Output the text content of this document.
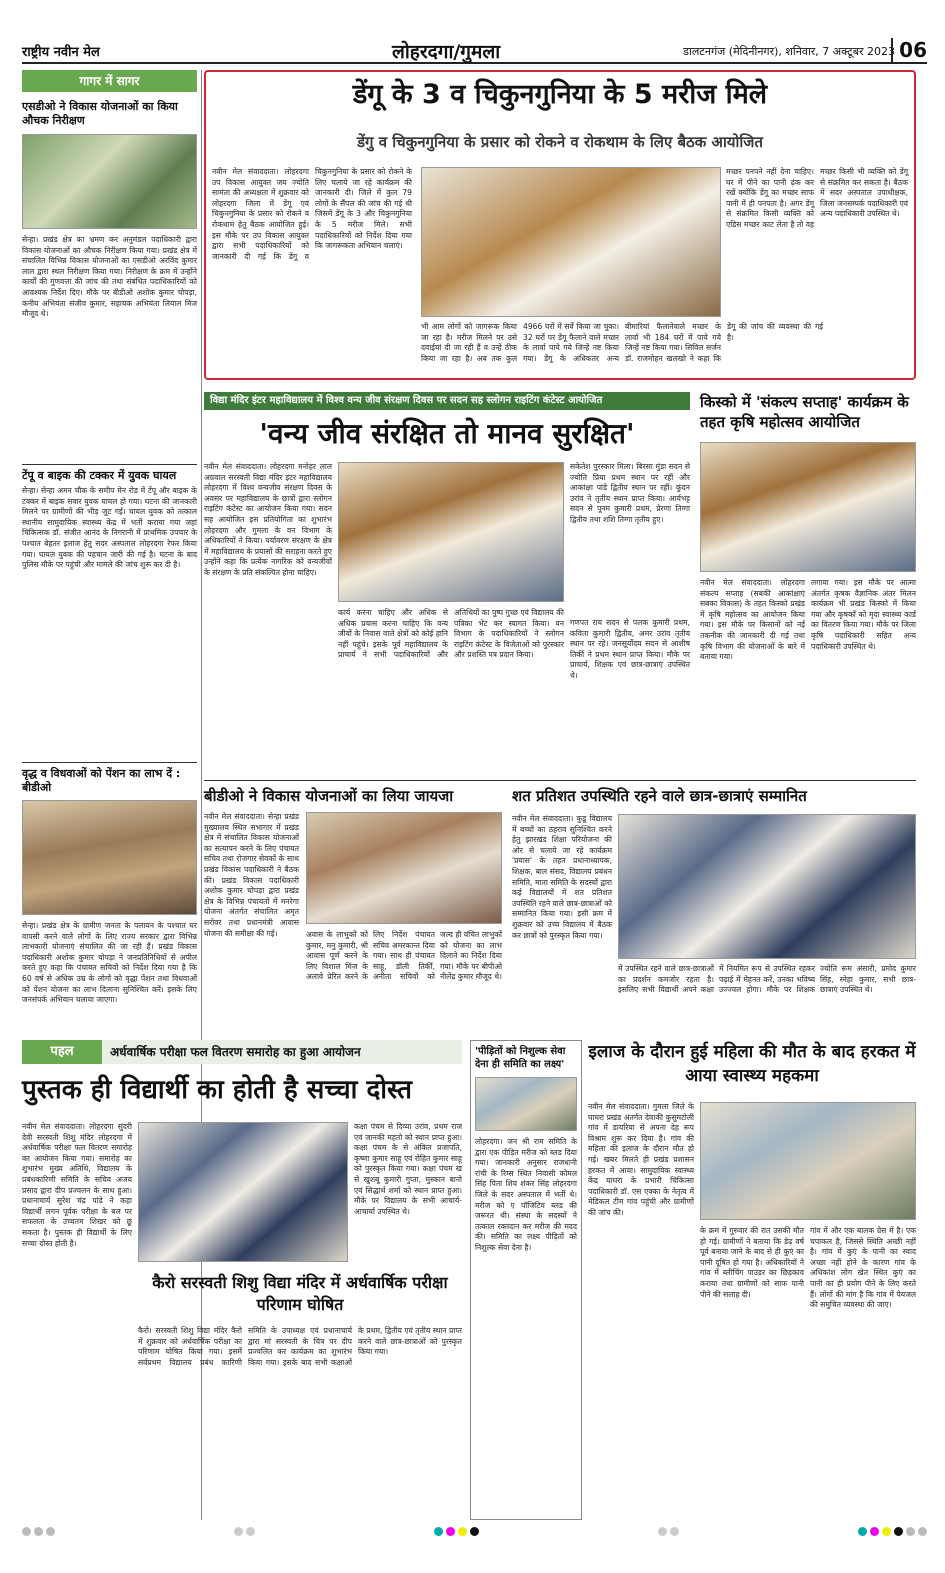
राष्ट्रीय नवीन मेल	लोहरदगा/गुमला	डालटनगंज (मेदिनीनगर), शनिवार, 7 अक्टूबर 2023 06
गागर में सागर
एसडीओ ने विकास योजनाओं का किया औचक निरीक्षण
सेन्हा। प्रखंड क्षेत्र का भ्रमण कर अनुमंडल पदाधिकारी द्वारा विकास योजनाओं का औचक निरीक्षण किया गया। प्रखंड क्षेत्र में संचालित विभिन्न विकास योजनाओं का एसडीओ अरविंद कुमार लाल द्वारा स्थल निरीक्षण किया गया। निरीक्षण के क्रम में उन्होंने कार्यों की गुणवत्ता की जांच की तथा संबंधित पदाधिकारियों को आवश्यक निर्देश दिए। मौके पर बीडीओ अशोक कुमार चोपड़ा, कनीय अभियंता संजीव कुमार, सहायक अभियंता लियाल मिंज मौजूद थे।
टेंपू व बाइक की टक्कर में युवक घायल
सेन्हा। सेन्हा अमन चौक के समीप मेन रोड में टेंपू और बाइक के टक्कर में बाइक सवार युवक घायल हो गया। घटना की जानकारी मिलने पर ग्रामीणों की भीड़ जुट गई। घायल युवक को तत्काल स्थानीय सामुदायिक स्वास्थ्य केंद्र में भर्ती कराया गया जहां चिकित्सक डॉ. संजीत आनंद के निगरानी में प्राथमिक उपचार के पश्चात बेहतर इलाज हेतु सदर अस्पताल लोहरदगा रेफर किया गया। घायल युवक की पहचान जारी की गई है। घटना के बाद पुलिस मौके पर पहुंची और मामले की जांच शुरू कर दी है।
वृद्ध व विधवाओं को पेंशन का लाभ दें : बीडीओ
सेन्हा। प्रखंड क्षेत्र के ग्रामीण जनता के पलायन के पश्चात घर वापसी करने वाले लोगों के लिए राज्य सरकार द्वारा विभिन्न लाभकारी योजनाएं संचालित की जा रही हैं। प्रखंड विकास पदाधिकारी अशोक कुमार चोपड़ा ने जनप्रतिनिधियों से अपील करते हुए कहा कि पंचायत सचिवों को निर्देश दिया गया है कि 60 वर्ष से अधिक उम्र के लोगों को वृद्धा पेंशन तथा विधवाओं को पेंशन योजना का लाभ दिलाना सुनिश्चित करें। इसके लिए जनसंपर्क अभियान चलाया जाएगा।
डेंगू के 3 व चिकुनगुनिया के 5 मरीज मिले
डेंगु व चिकुनगुनिया के प्रसार को रोकने व रोकथाम के लिए बैठक आयोजित
नवीन मेल संवाददाता। लोहरदगा उप विकास आयुक्त जय ज्योति सामंता की अध्यक्षता में शुक्रवार को लोहरदगा जिला में डेंगू एवं चिकुनगुनिया के प्रसार को रोकने व रोकथाम हेतु बैठक आयोजित हुई। इस मौके पर उप विकास आयुक्त द्वारा सभी पदाधिकारियों को जानकारी दी गई कि डेंगू व चिकुनगुनिया के प्रसार को रोकने के लिए चलाये जा रहे कार्यक्रम की जानकारी दी। जिले में कुल 79 लोगों के सैंपल की जांच की गई थी जिसमें डेंगू के 3 और चिकुनगुनिया के 5 मरीज मिले। सभी पदाधिकारियों को निर्देश दिया गया कि जागरूकता अभियान चलाएं।
भी आम लोगों को जागरूक किया जा रहा है। मरीज मिलने पर उसे दवाईयां दी जा रही हैं व उन्हें ठीक किया जा रहा है। अब तक कुल 4966 घरों में सर्वे किया जा चुका। 32 घरों पर डेंगू फैलाने वाले मच्छर के लार्वा पाये गये जिन्हें नष्ट किया गया। डेंगू के अधिकतर अन्य बीमारियां फैलानेवाले मच्छर के लार्वा भी 184 घरों में पाये गये जिन्हें नष्ट किया गया। सिविल सर्जन डॉ. राजमोहन खलखो ने कहा कि डेंगू की जांच की व्यवस्था की गई है।
मच्छर पनपने नहीं देना चाहिए। घर में पीने का पानी ढ़ंक कर रखें क्योंकि डेंगू का मच्छर साफ पानी में ही पनपता है। अगर डेंगू से संक्रमित किसी व्यक्ति को एडिस मच्छर काट लेता है तो वह मच्छर किसी भी व्यक्ति को डेंगू से संक्रमित कर सकता है। बैठक में सदर अस्पताल उपाधीक्षक, जिला जनसम्पर्क पदाधिकारी एवं अन्य पदाधिकारी उपस्थित थे।
विद्या मंदिर इंटर महाविद्यालय में विश्व वन्य जीव संरक्षण दिवस पर सदन सह स्लोगन राइटिंग कंटेस्ट आयोजित
'वन्य जीव संरक्षित तो मानव सुरक्षित'
नवीन मेल संवाददाता। लोहरदगा मनोहर लाल अग्रवाल सरस्वती विद्या मंदिर इंटर महाविद्यालय लोहरदगा में विश्व वन्यजीव संरक्षण दिवस के अवसर पर महाविद्यालय के छात्रों द्वारा स्लोगन राइटिंग कंटेस्ट का आयोजन किया गया। सदन सह आयोजित इस प्रतियोगिता का शुभारंभ लोहरदगा और गुमला के वन विभाग के अधिकारियों ने किया। पर्यावरण संरक्षण के क्षेत्र में महाविद्यालय के प्रयासों की सराहना करते हुए उन्होंने कहा कि प्रत्येक नागरिक को वन्यजीवों के संरक्षण के प्रति संकल्पित होना चाहिए।
कार्य करना चाहिए और अधिक से अधिक प्रयास करना चाहिए कि वन्य जीवों के निवास वाले क्षेत्रों को कोई हानि नहीं पहुंचे। इसके पूर्व महाविद्यालय के प्राचार्य ने सभी पदाधिकारियों और अतिथियों का पुष्प गुच्छ एवं विद्यालय की पत्रिका भेंट कर स्वागत किया। वन विभाग के पदाधिकारियों ने स्लोगन राइटिंग कंटेस्ट के विजेताओं को पुरस्कार और प्रशस्ति पत्र प्रदान किया।
सकेतेश पुरस्कार मिला। बिरसा मुंडा सदन से ज्योति प्रिया प्रथम स्थान पर रहीं और आकांक्षा पांडे द्वितीय स्थान पर रहीं। कुंदन उरांव ने तृतीय स्थान प्राप्त किया। आर्यभट्ट सदन से पूनम कुमारी प्रथम, प्रेरणा तिग्गा द्वितीय तथा शशि तिग्गा तृतीय हुए।
गणपत राय सदन से पलक कुमारी प्रथम, कविता कुमारी द्वितीय, अमर उरांव तृतीय स्थान पर रहे। जनसूर्योदय सदन से आशीष तिर्की ने प्रथम स्थान प्राप्त किया। मौके पर प्राचार्य, शिक्षक एवं छात्र-छात्राएं उपस्थित थे।
किस्को में 'संकल्प सप्ताह' कार्यक्रम के तहत कृषि महोत्सव आयोजित
नवीन मेल संवाददाता। लोहरदगा संकल्प सप्ताह (सबकी आकांक्षाएं सबका विकास) के तहत किस्को प्रखंड में कृषि महोत्सव का आयोजन किया गया। इस मौके पर किसानों को नई तकनीक की जानकारी दी गई तथा कृषि विभाग की योजनाओं के बारे में बताया गया।
लगाया गया। इस मौके पर आत्मा अंतर्गत कृषक वैज्ञानिक अंतर मिलन कार्यक्रम भी प्रखंड किस्को में किया गया और कृषकों को मृदा स्वास्थ्य कार्ड का वितरण किया गया। मौके पर जिला कृषि पदाधिकारी सहित अन्य पदाधिकारी उपस्थित थे।
बीडीओ ने विकास योजनाओं का लिया जायजा
नवीन मेल संवाददाता। सेन्हा प्रखंड मुख्यालय स्थित सभागार में प्रखंड क्षेत्र में संचालित विकास योजनाओं का सत्यापन करने के लिए पंचायत सचिव तथा रोजगार सेवकों के साथ प्रखंड विकास पदाधिकारी ने बैठक की। प्रखंड विकास पदाधिकारी अशोक कुमार चोपड़ा द्वारा प्रखंड क्षेत्र के विभिन्न पंचायतों में मनरेगा योजना अंतर्गत संचालित अमृत सरोवर तथा प्रधानमंत्री आवास योजना की समीक्षा की गई।	अवास के लाभुकों को कुमार, मनु कुमारी, श्री आवास पूर्ण करने के लिए विशाल मिंज के अलावे प्रेरित करने के लिए निर्देश पंचायत सचिव अमरकान्त दिया गया। साथ ही पंचायत साहू, डॉली तिर्की, अनीता सचिवों को जल्द ही वंचित लाभुकों को योजना का लाभ दिलाने का निर्देश दिया गया। मौके पर बीपीओ नीलेंद्र कुमार मौजूद थे।
शत प्रतिशत उपस्थिति रहने वाले छात्र-छात्राएं सम्मानित
नवीन मेल संवाददाता। कुडू विद्यालय में बच्चों का ठहराव सुनिश्चित करने हेतु झारखंड शिक्षा परियोजना की ओर से चलाये जा रहे कार्यक्रम 'प्रयास' के तहत प्रधानाध्यापक, शिक्षक, बाल संसद, विद्यालय प्रबंधन समिति, माता समिति के सदस्यों द्वारा कई विद्यालयों में शत प्रतिशत उपस्थिति रहने वाले छात्र-छात्राओं को सम्मानित किया गया। इसी क्रम में शुक्रवार को उच्च विद्यालय में बैठक कर छात्रों को पुरस्कृत किया गया।
में उपस्थित रहने वाले छात्र-छात्राओं का प्रदर्शन कमजोर रहता है। इसलिए सभी विद्यार्थी अपने कक्षा में नियमित रूप से उपस्थित रहकर पढ़ाई में मेहनत करें, उनका भविष्य उज्ज्वल होगा। मौके पर शिक्षक ज्योति रूम अंसारी, प्रमोद कुमार सिंह, स्नेहा कुमार, सभी छात्र-छात्राएं उपस्थित थे।
पहल	अर्धवार्षिक परीक्षा फल वितरण समारोह का हुआ आयोजन
पुस्तक ही विद्यार्थी का होती है सच्चा दोस्त
नवीन मेल संवाददाता। लोहरदगा सुंदरी देवी सरस्वती शिशु मंदिर लोहरदगा में अर्धवार्षिक परीक्षा फल वितरण समारोह का आयोजन किया गया। समारोह का शुभारंभ मुख्य अतिथि, विद्यालय के प्रबंधकारिणी समिति के सचिव अजय प्रसाद द्वारा दीप प्रज्वलन के साथ हुआ। प्रधानाचार्य सुरेश चंद्र पांडे ने कहा विद्यार्थी लगन पूर्वक परीक्षा के बल पर सफलता के उच्चतम शिखर को छू सकता है। पुस्तक ही विद्यार्थी के लिए सच्चा दोस्त होती है।
कक्षा पंचम से दिव्या उरांव, प्रथम राज एवं जानकी महतो को स्थान प्राप्त हुआ। कक्षा पंचम के से अंकित प्रजापति, कृष्णा कुमार साहू एवं रोहित कुमार साहू को पुरस्कृत किया गया। कक्षा पंचम ख से खुशबू कुमारी गुप्ता, मुस्कान बानो एवं सिद्धार्थ शर्मा को स्थान प्राप्त हुआ। मौके पर विद्यालय के सभी आचार्य-आचार्या उपस्थित थे।
कैरो सरस्वती शिशु विद्या मंदिर में अर्धवार्षिक परीक्षा परिणाम घोषित
कैरो। सरस्वती शिशु विद्या मंदिर कैरो में शुक्रवार को अर्धवार्षिक परीक्षा का परिणाम घोषित किया गया। इसमें सर्वप्रथम विद्यालय प्रबंध कारिणी समिति के उपाध्यक्ष एवं प्रधानाचार्य द्वारा मां सरस्वती के चित्र पर दीप प्रज्वलित कर कार्यक्रम का शुभारंभ किया गया। इसके बाद सभी कक्षाओं के प्रथम, द्वितीय एवं तृतीय स्थान प्राप्त करने वाले छात्र-छात्राओं को पुरस्कृत किया गया।
'पीड़ितों को निशुल्क सेवा देना ही समिति का लक्ष्य'
लोहरदगा। जन श्री राम समिति के द्वारा एक पीड़ित मरीज को ब्लड दिया गया। जानकारी अनुसार राजधानी रांची के रिम्स स्थित निवासी कोमल सिंह पिता शिव शंकर सिंह लोहरदगा जिले के सदर अस्पताल में भर्ती थे। मरीज को ए पॉजिटिव ब्लड की जरूरत थी। संस्था के सदस्यों ने तत्काल रक्तदान कर मरीज की मदद की। समिति का लक्ष्य पीड़ितों को निशुल्क सेवा देना है।
इलाज के दौरान हुई महिला की मौत के बाद हरकत में आया स्वास्थ्य महकमा
नवीन मेल संवाददाता। गुमला जिले के घाघरा प्रखंड अंतर्गत देवाकी कुसुमटोली गांव में डायरिया से अपना देह रूप विश्राम शुरू कर दिया है। गांव की महिला की इलाज के दौरान मौत हो गई। खबर मिलते ही प्रखंड प्रशासन हरकत में आया। सामुदायिक स्वास्थ्य केंद्र घाघरा के प्रभारी चिकित्सा पदाधिकारी डॉ. एस एक्का के नेतृत्व में मेडिकल टीम गांव पहुंची और ग्रामीणों की जांच की।
के क्रम में गुरुवार की रात उसकी मौत हो गई। ग्रामीणों ने बताया कि डेढ़ वर्ष पूर्व बनाया जाने के बाद से ही कुएं का पानी दूषित हो गया है। अधिकारियों ने गांव में ब्लीचिंग पाउडर का छिड़काव कराया तथा ग्रामीणों को साफ पानी पीने की सलाह दी।
गांव में और एक बालक ग्रेस में है। एक चपाकल है, जिससे स्थिति अच्छी नहीं है। गांव में कुएं के पानी का स्वाद अच्छा नहीं होने के कारण गांव के अधिकांश लोग खेत स्थित कुएं का पानी का ही प्रयोग पीने के लिए करते हैं। लोगों की मांग है कि गांव में पेयजल की समुचित व्यवस्था की जाए।
